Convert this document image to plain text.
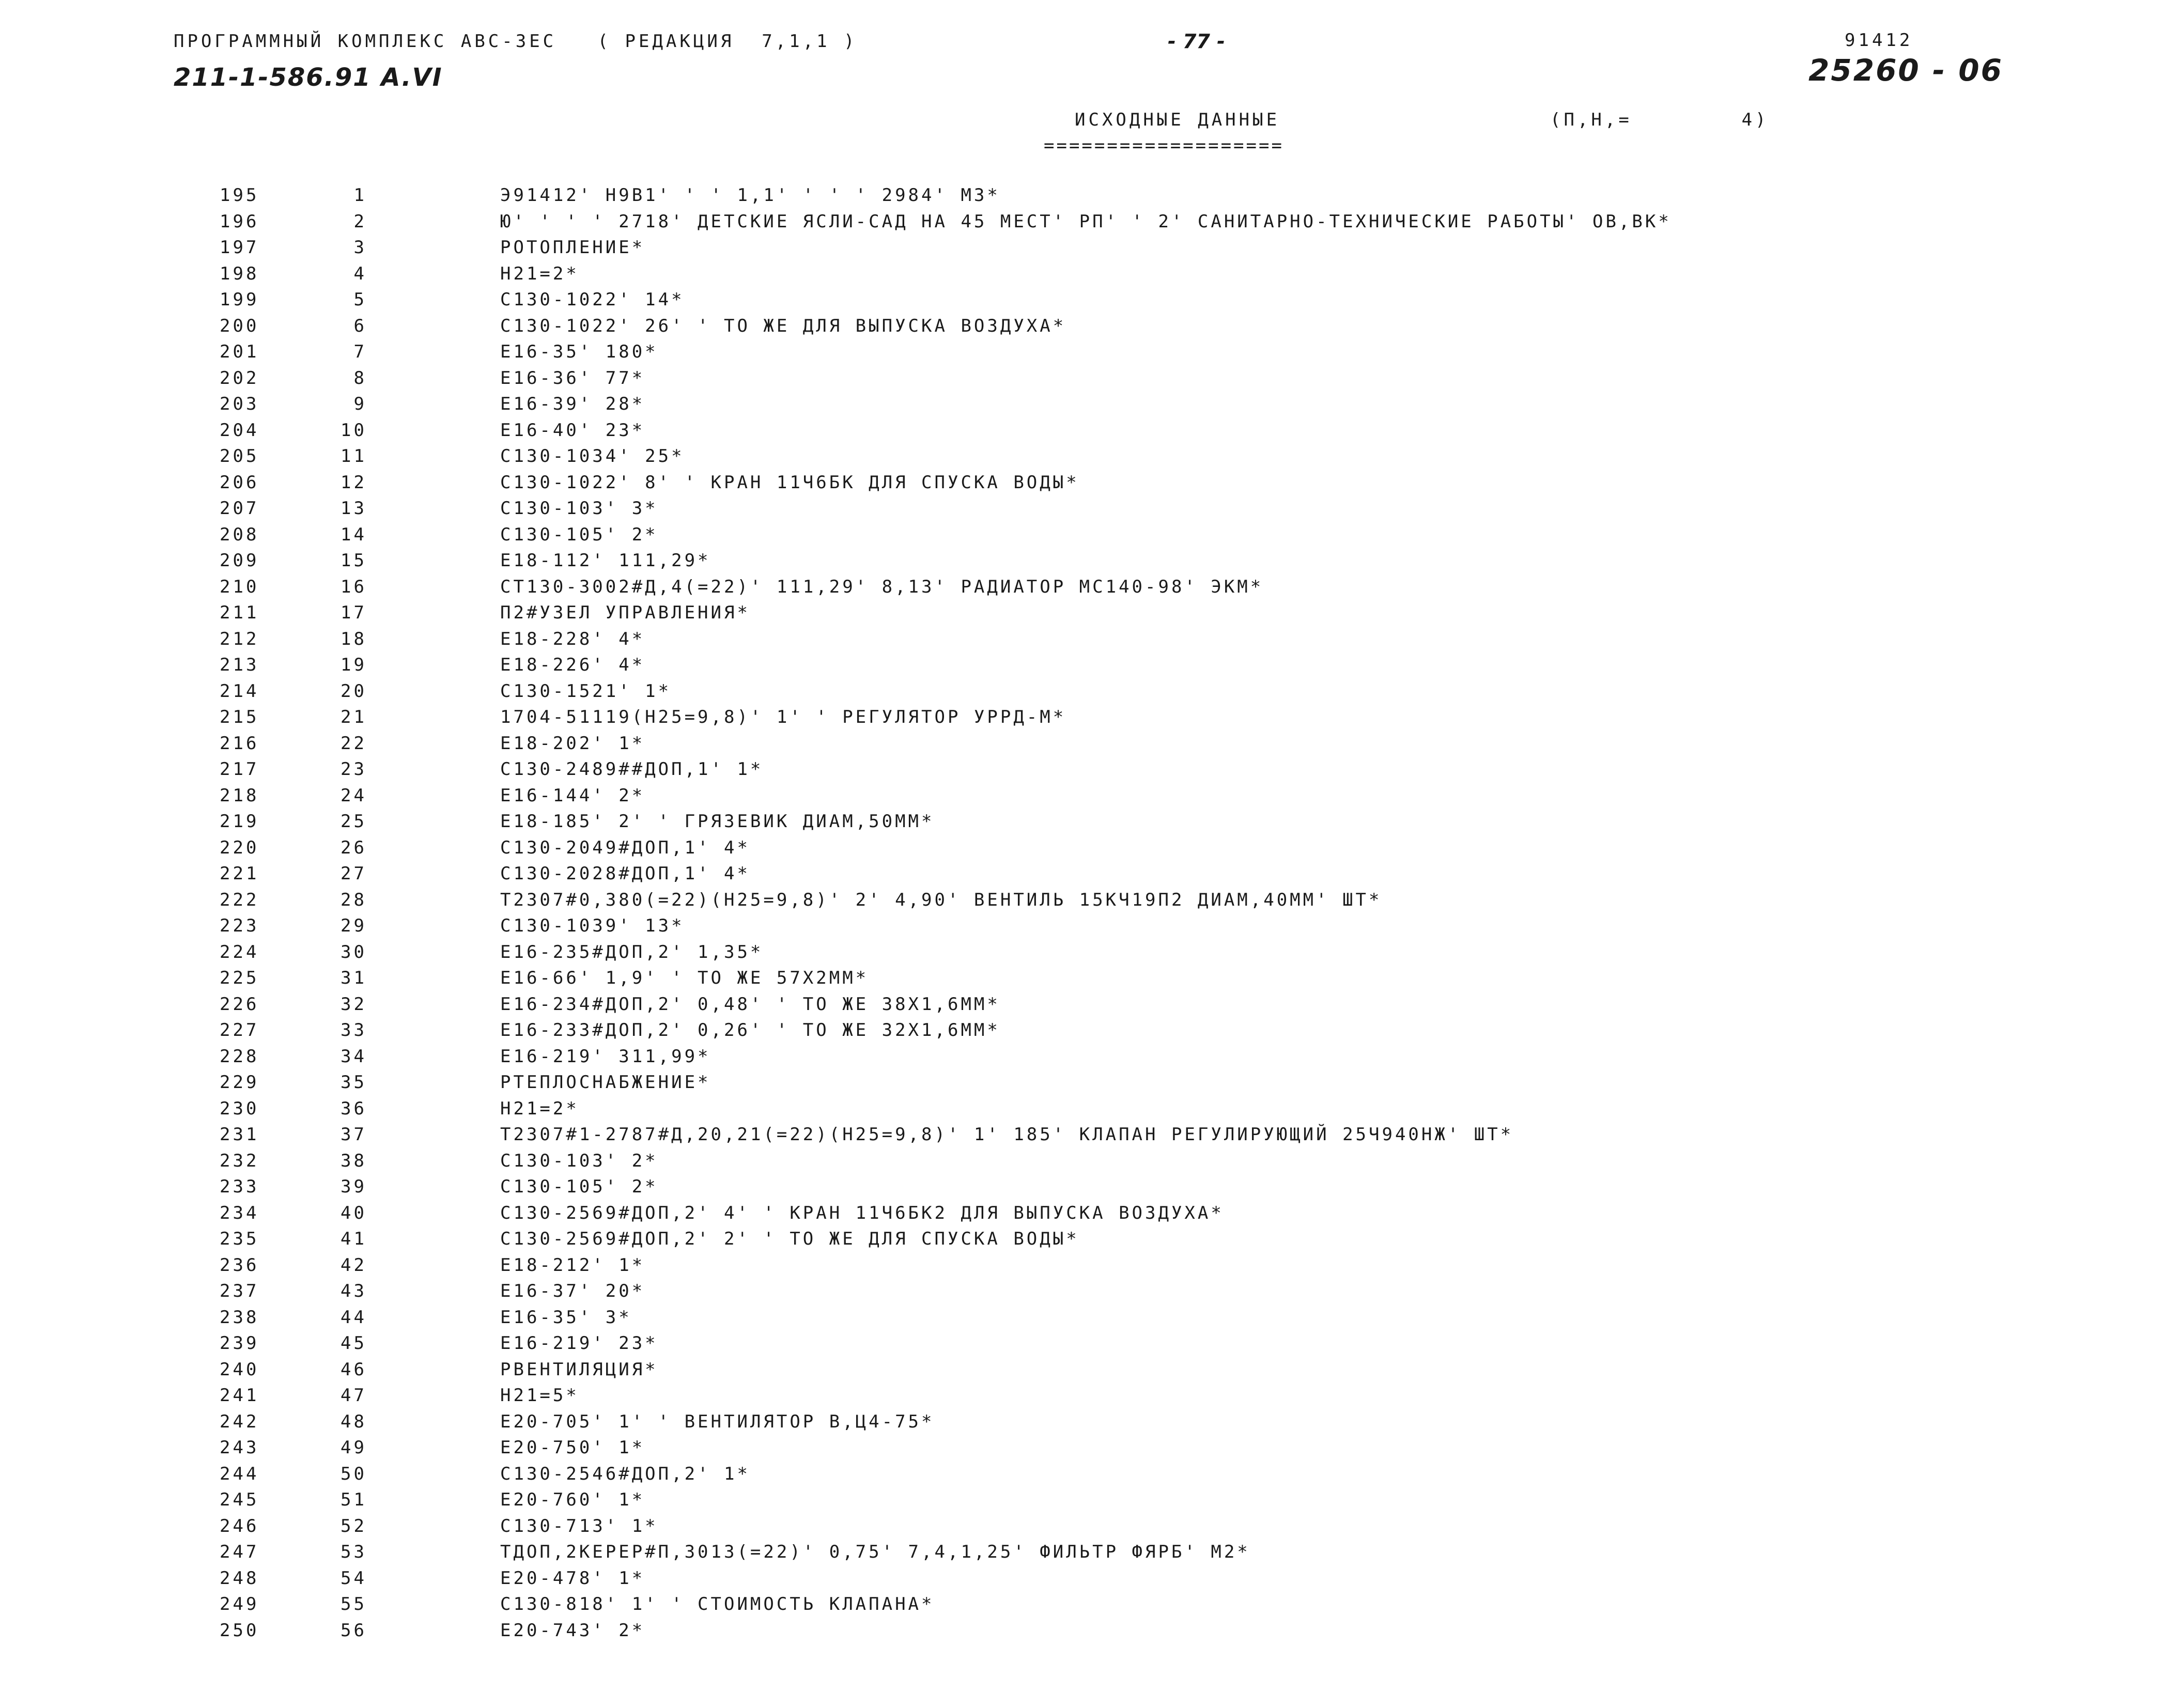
ПРОГРАММНЫЙ КОМПЛЕКС АВС-ЗЕС   ( РЕДАКЦИЯ  7,1,1 )	- 77 -	91412
211-1-586.91 A.VI	25260 - 06
ИСХОДНЫЕ ДАННЫЕ	(П,Н,=        4)
===================
195	1	Э91412' Н9В1' ' ' 1,1' ' ' ' 2984' М3*
196	2	Ю' ' ' ' 2718' ДЕТСКИЕ ЯСЛИ-САД НА 45 МЕСТ' РП' ' 2' САНИТАРНО-ТЕХНИЧЕСКИЕ РАБОТЫ' ОВ,ВК*
197	3	РОТОПЛЕНИЕ*
198	4	Н21=2*
199	5	С130-1022' 14*
200	6	С130-1022' 26' ' ТО ЖЕ ДЛЯ ВЫПУСКА ВОЗДУХА*
201	7	Е16-35' 180*
202	8	Е16-36' 77*
203	9	Е16-39' 28*
204	10	Е16-40' 23*
205	11	С130-1034' 25*
206	12	С130-1022' 8' ' КРАН 11Ч6БК ДЛЯ СПУСКА ВОДЫ*
207	13	С130-103' 3*
208	14	С130-105' 2*
209	15	Е18-112' 111,29*
210	16	СТ130-3002#Д,4(=22)' 111,29' 8,13' РАДИАТОР МС140-98' ЭКМ*
211	17	П2#УЗЕЛ УПРАВЛЕНИЯ*
212	18	Е18-228' 4*
213	19	Е18-226' 4*
214	20	С130-1521' 1*
215	21	1704-51119(Н25=9,8)' 1' ' РЕГУЛЯТОР УРРД-М*
216	22	Е18-202' 1*
217	23	С130-2489##ДОП,1' 1*
218	24	Е16-144' 2*
219	25	Е18-185' 2' ' ГРЯЗЕВИК ДИАМ,50ММ*
220	26	С130-2049#ДОП,1' 4*
221	27	С130-2028#ДОП,1' 4*
222	28	Т2307#0,380(=22)(Н25=9,8)' 2' 4,90' ВЕНТИЛЬ 15КЧ19П2 ДИАМ,40ММ' ШТ*
223	29	С130-1039' 13*
224	30	Е16-235#ДОП,2' 1,35*
225	31	Е16-66' 1,9' ' ТО ЖЕ 57Х2ММ*
226	32	Е16-234#ДОП,2' 0,48' ' ТО ЖЕ 38Х1,6ММ*
227	33	Е16-233#ДОП,2' 0,26' ' ТО ЖЕ 32Х1,6ММ*
228	34	Е16-219' 311,99*
229	35	РТЕПЛОСНАБЖЕНИЕ*
230	36	Н21=2*
231	37	Т2307#1-2787#Д,20,21(=22)(Н25=9,8)' 1' 185' КЛАПАН РЕГУЛИРУЮЩИЙ 25Ч940НЖ' ШТ*
232	38	С130-103' 2*
233	39	С130-105' 2*
234	40	С130-2569#ДОП,2' 4' ' КРАН 11Ч6БК2 ДЛЯ ВЫПУСКА ВОЗДУХА*
235	41	С130-2569#ДОП,2' 2' ' ТО ЖЕ ДЛЯ СПУСКА ВОДЫ*
236	42	Е18-212' 1*
237	43	Е16-37' 20*
238	44	Е16-35' 3*
239	45	Е16-219' 23*
240	46	РВЕНТИЛЯЦИЯ*
241	47	Н21=5*
242	48	Е20-705' 1' ' ВЕНТИЛЯТОР В,Ц4-75*
243	49	Е20-750' 1*
244	50	С130-2546#ДОП,2' 1*
245	51	Е20-760' 1*
246	52	С130-713' 1*
247	53	ТДОП,2КЕРЕР#П,3013(=22)' 0,75' 7,4,1,25' ФИЛЬТР ФЯРБ' М2*
248	54	Е20-478' 1*
249	55	С130-818' 1' ' СТОИМОСТЬ КЛАПАНА*
250	56	Е20-743' 2*
